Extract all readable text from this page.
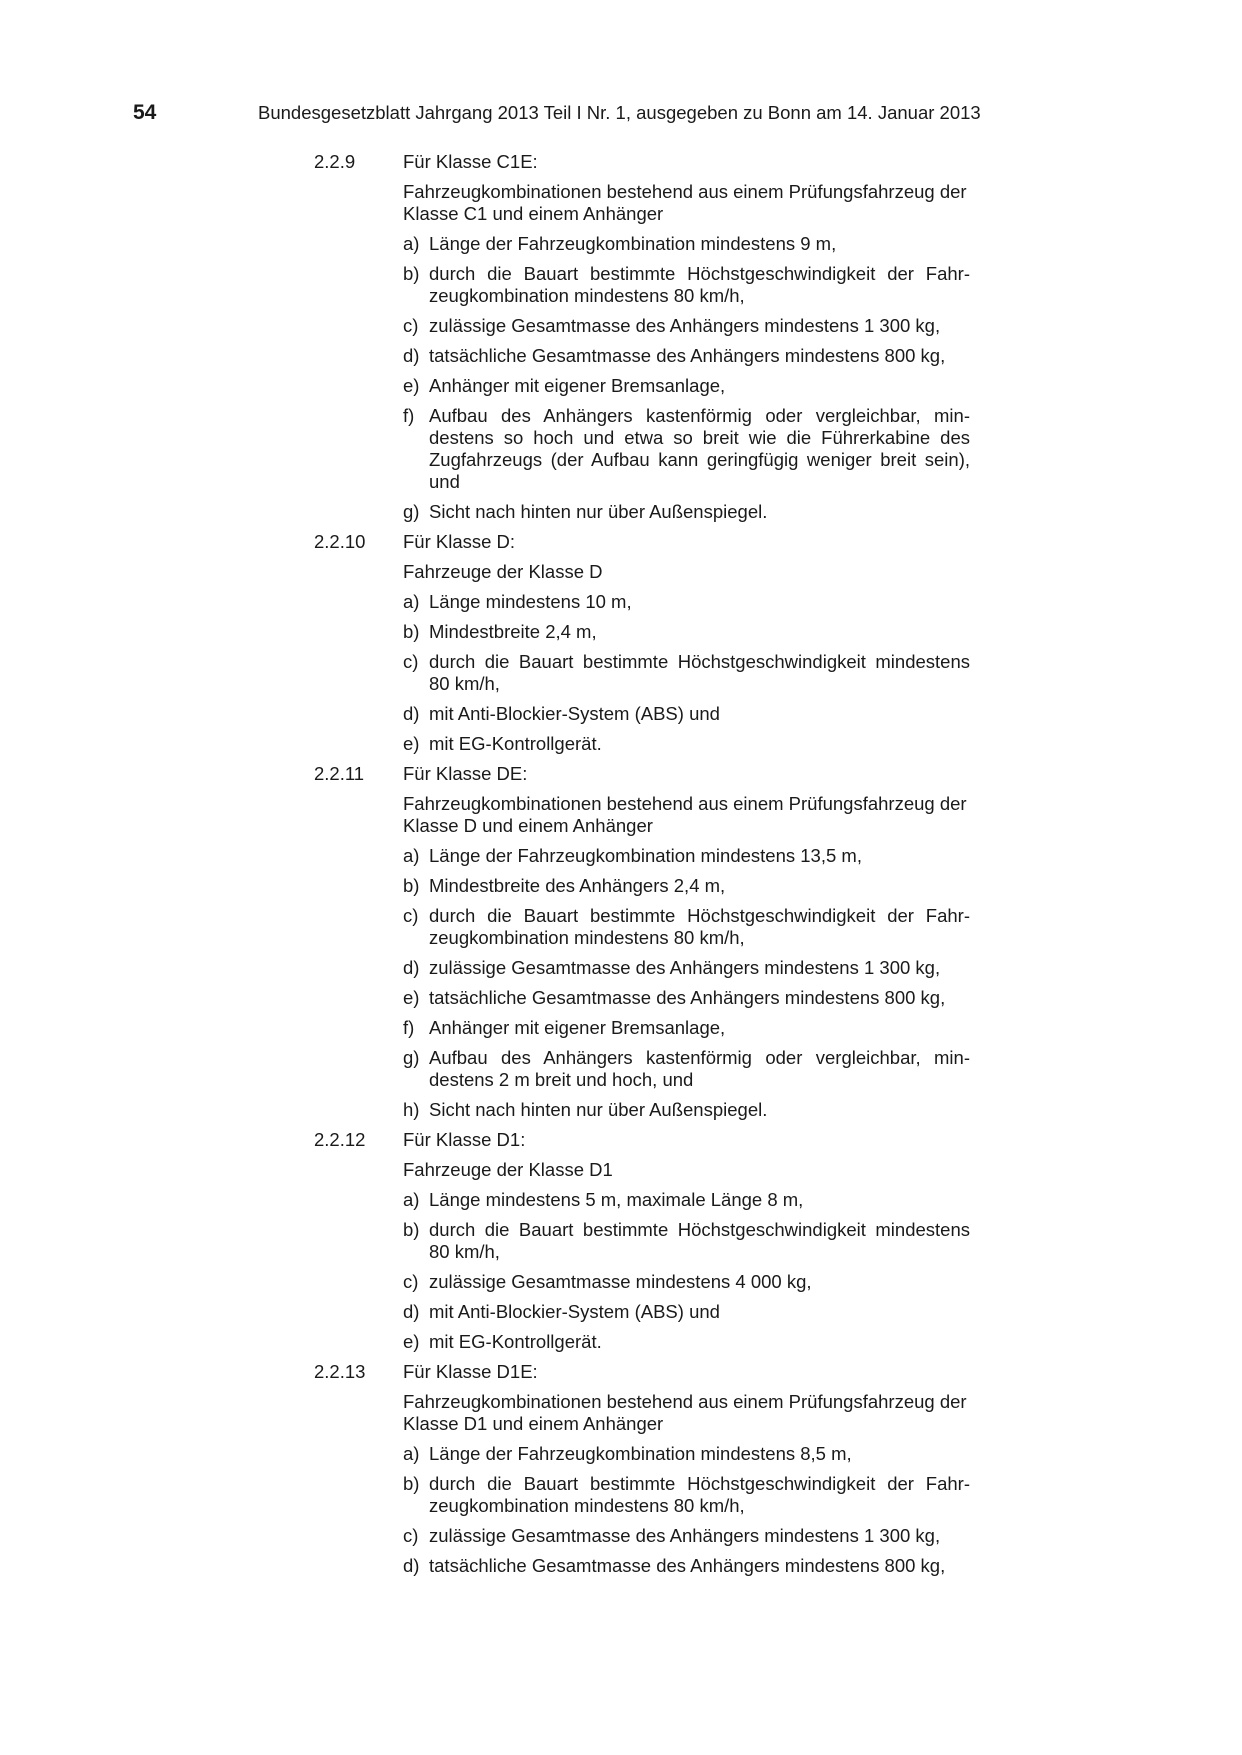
54	Bundesgesetzblatt Jahrgang 2013 Teil I Nr. 1, ausgegeben zu Bonn am 14. Januar 2013
2.2.9	Für Klasse C1E:
Fahrzeugkombinationen bestehend aus einem Prüfungsfahrzeug der Klasse C1 und einem Anhänger
a) Länge der Fahrzeugkombination mindestens 9 m,
b) durch die Bauart bestimmte Höchstgeschwindigkeit der Fahrzeugkombination mindestens 80 km/h,
c) zulässige Gesamtmasse des Anhängers mindestens 1 300 kg,
d) tatsächliche Gesamtmasse des Anhängers mindestens 800 kg,
e) Anhänger mit eigener Bremsanlage,
f) Aufbau des Anhängers kastenförmig oder vergleichbar, mindestens so hoch und etwa so breit wie die Führerkabine des Zugfahrzeugs (der Aufbau kann geringfügig weniger breit sein), und
g) Sicht nach hinten nur über Außenspiegel.
2.2.10	Für Klasse D:
Fahrzeuge der Klasse D
a) Länge mindestens 10 m,
b) Mindestbreite 2,4 m,
c) durch die Bauart bestimmte Höchstgeschwindigkeit mindestens 80 km/h,
d) mit Anti-Blockier-System (ABS) und
e) mit EG-Kontrollgerät.
2.2.11	Für Klasse DE:
Fahrzeugkombinationen bestehend aus einem Prüfungsfahrzeug der Klasse D und einem Anhänger
a) Länge der Fahrzeugkombination mindestens 13,5 m,
b) Mindestbreite des Anhängers 2,4 m,
c) durch die Bauart bestimmte Höchstgeschwindigkeit der Fahrzeugkombination mindestens 80 km/h,
d) zulässige Gesamtmasse des Anhängers mindestens 1 300 kg,
e) tatsächliche Gesamtmasse des Anhängers mindestens 800 kg,
f) Anhänger mit eigener Bremsanlage,
g) Aufbau des Anhängers kastenförmig oder vergleichbar, mindestens 2 m breit und hoch, und
h) Sicht nach hinten nur über Außenspiegel.
2.2.12	Für Klasse D1:
Fahrzeuge der Klasse D1
a) Länge mindestens 5 m, maximale Länge 8 m,
b) durch die Bauart bestimmte Höchstgeschwindigkeit mindestens 80 km/h,
c) zulässige Gesamtmasse mindestens 4 000 kg,
d) mit Anti-Blockier-System (ABS) und
e) mit EG-Kontrollgerät.
2.2.13	Für Klasse D1E:
Fahrzeugkombinationen bestehend aus einem Prüfungsfahrzeug der Klasse D1 und einem Anhänger
a) Länge der Fahrzeugkombination mindestens 8,5 m,
b) durch die Bauart bestimmte Höchstgeschwindigkeit der Fahrzeugkombination mindestens 80 km/h,
c) zulässige Gesamtmasse des Anhängers mindestens 1 300 kg,
d) tatsächliche Gesamtmasse des Anhängers mindestens 800 kg,
